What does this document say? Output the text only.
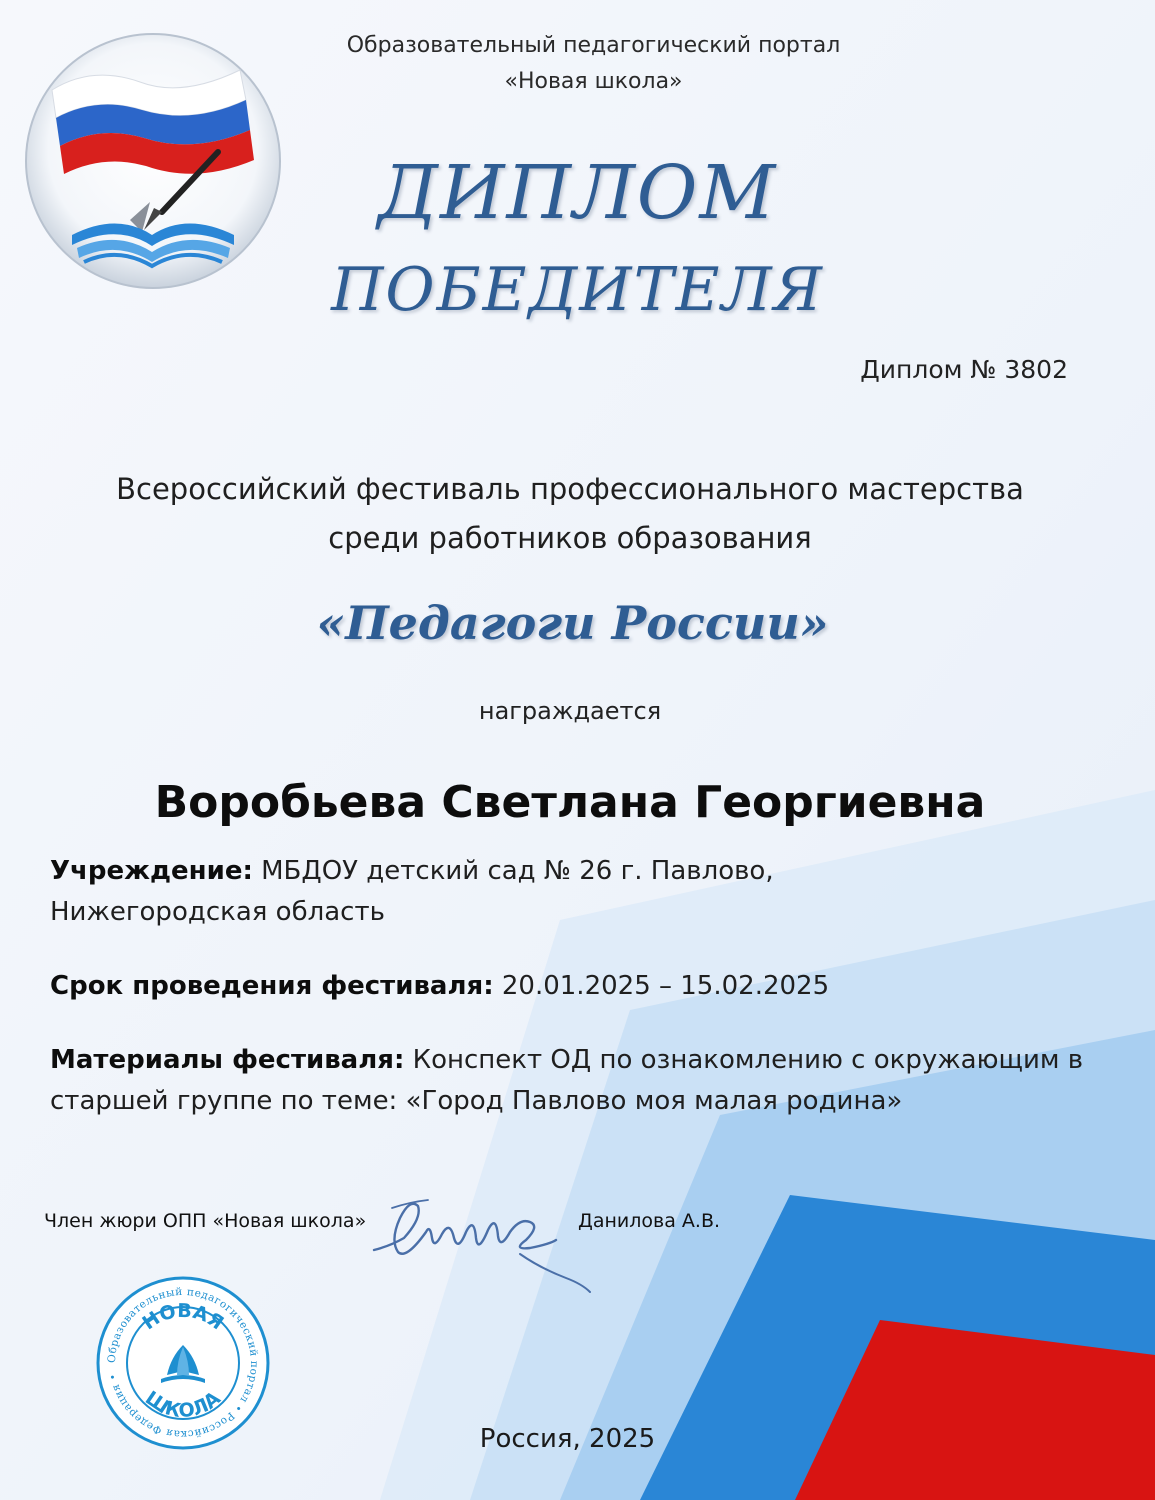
Образовательный педагогический портал
«Новая школа»
ДИПЛОМ
ПОБЕДИТЕЛЯ
Диплом № 3802
Всероссийский фестиваль профессионального мастерства
среди работников образования
«Педагоги России»
награждается
Воробьева Светлана Георгиевна
Учреждение: МБДОУ детский сад № 26 г. Павлово,
Нижегородская область
Срок проведения фестиваля: 20.01.2025 – 15.02.2025
Материалы фестиваля: Конспект ОД по ознакомлению с окружающим в
старшей группе по теме: «Город Павлово моя малая родина»
Член жюри ОПП «Новая школа»	Данилова А.В.
Образовательный педагогический портал • Российская Федерация •
НОВАЯ
ШКОЛА
Россия, 2025
